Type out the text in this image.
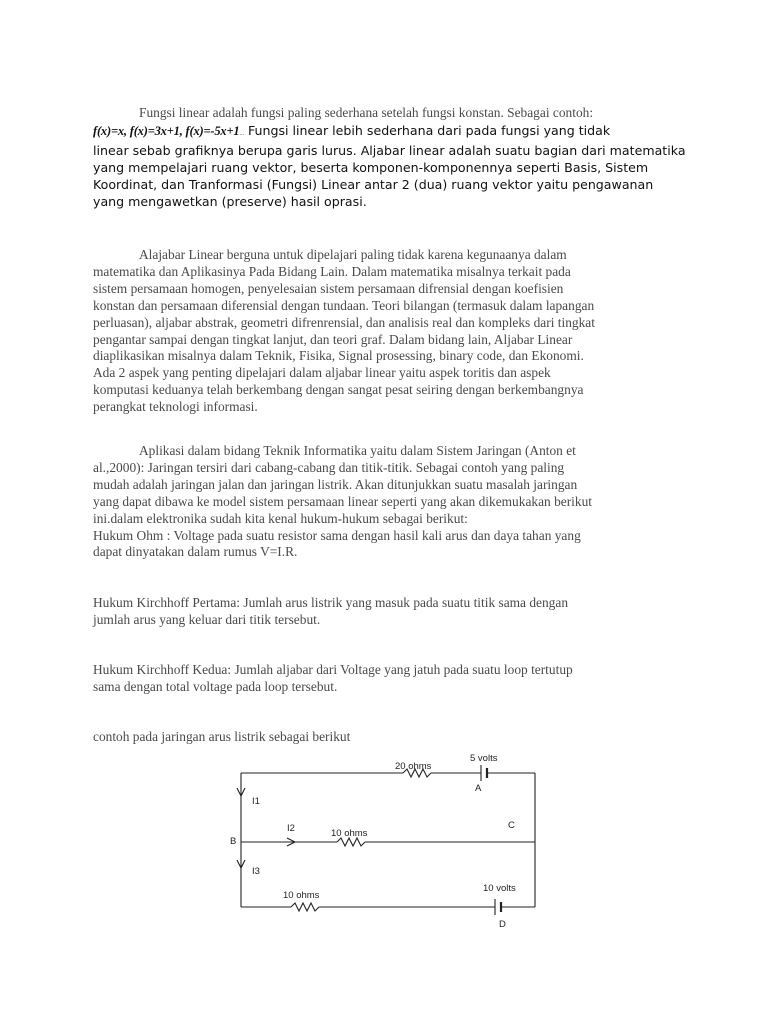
Fungsi linear adalah fungsi paling sederhana setelah fungsi konstan. Sebagai contoh:
f(x)=x, f(x)=3x+1, f(x)=-5x+1... Fungsi linear lebih sederhana dari pada fungsi yang tidak
linear sebab grafiknya berupa garis lurus. Aljabar linear adalah suatu bagian dari matematika
yang mempelajari ruang vektor, beserta komponen-komponennya seperti Basis, Sistem
Koordinat, dan Tranformasi (Fungsi) Linear antar 2 (dua) ruang vektor yaitu pengawanan
yang mengawetkan (preserve) hasil oprasi.
Alajabar Linear berguna untuk dipelajari paling tidak karena kegunaanya dalam
matematika dan Aplikasinya Pada Bidang Lain. Dalam matematika misalnya terkait pada
sistem persamaan homogen, penyelesaian sistem persamaan difrensial dengan koefisien
konstan dan persamaan diferensial dengan tundaan. Teori bilangan (termasuk dalam lapangan
perluasan), aljabar abstrak, geometri difrenrensial, dan analisis real dan kompleks dari tingkat
pengantar sampai dengan tingkat lanjut, dan teori graf. Dalam bidang lain, Aljabar Linear
diaplikasikan misalnya dalam Teknik, Fisika, Signal prosessing, binary code, dan Ekonomi.
Ada 2 aspek yang penting dipelajari dalam aljabar linear yaitu aspek toritis dan aspek
komputasi keduanya telah berkembang dengan sangat pesat seiring dengan berkembangnya
perangkat teknologi informasi.
Aplikasi dalam bidang Teknik Informatika yaitu dalam Sistem Jaringan (Anton et
al.,2000): Jaringan tersiri dari cabang-cabang dan titik-titik. Sebagai contoh yang paling
mudah adalah jaringan jalan dan jaringan listrik. Akan ditunjukkan suatu masalah jaringan
yang dapat dibawa ke model sistem persamaan linear seperti yang akan dikemukakan berikut
ini.dalam elektronika sudah kita kenal hukum-hukum sebagai berikut:
Hukum Ohm : Voltage pada suatu resistor sama dengan hasil kali arus dan daya tahan yang
dapat dinyatakan dalam rumus V=I.R.
Hukum Kirchhoff Pertama: Jumlah arus listrik yang masuk pada suatu titik sama dengan
jumlah arus yang keluar dari titik tersebut.
Hukum Kirchhoff Kedua: Jumlah aljabar dari Voltage yang jatuh pada suatu loop tertutup
sama dengan total voltage pada loop tersebut.
contoh pada jaringan arus listrik sebagai berikut
20 ohms
5 volts
A
I1
B
I2	10 ohms
C
I3
10 ohms
10 volts
D
